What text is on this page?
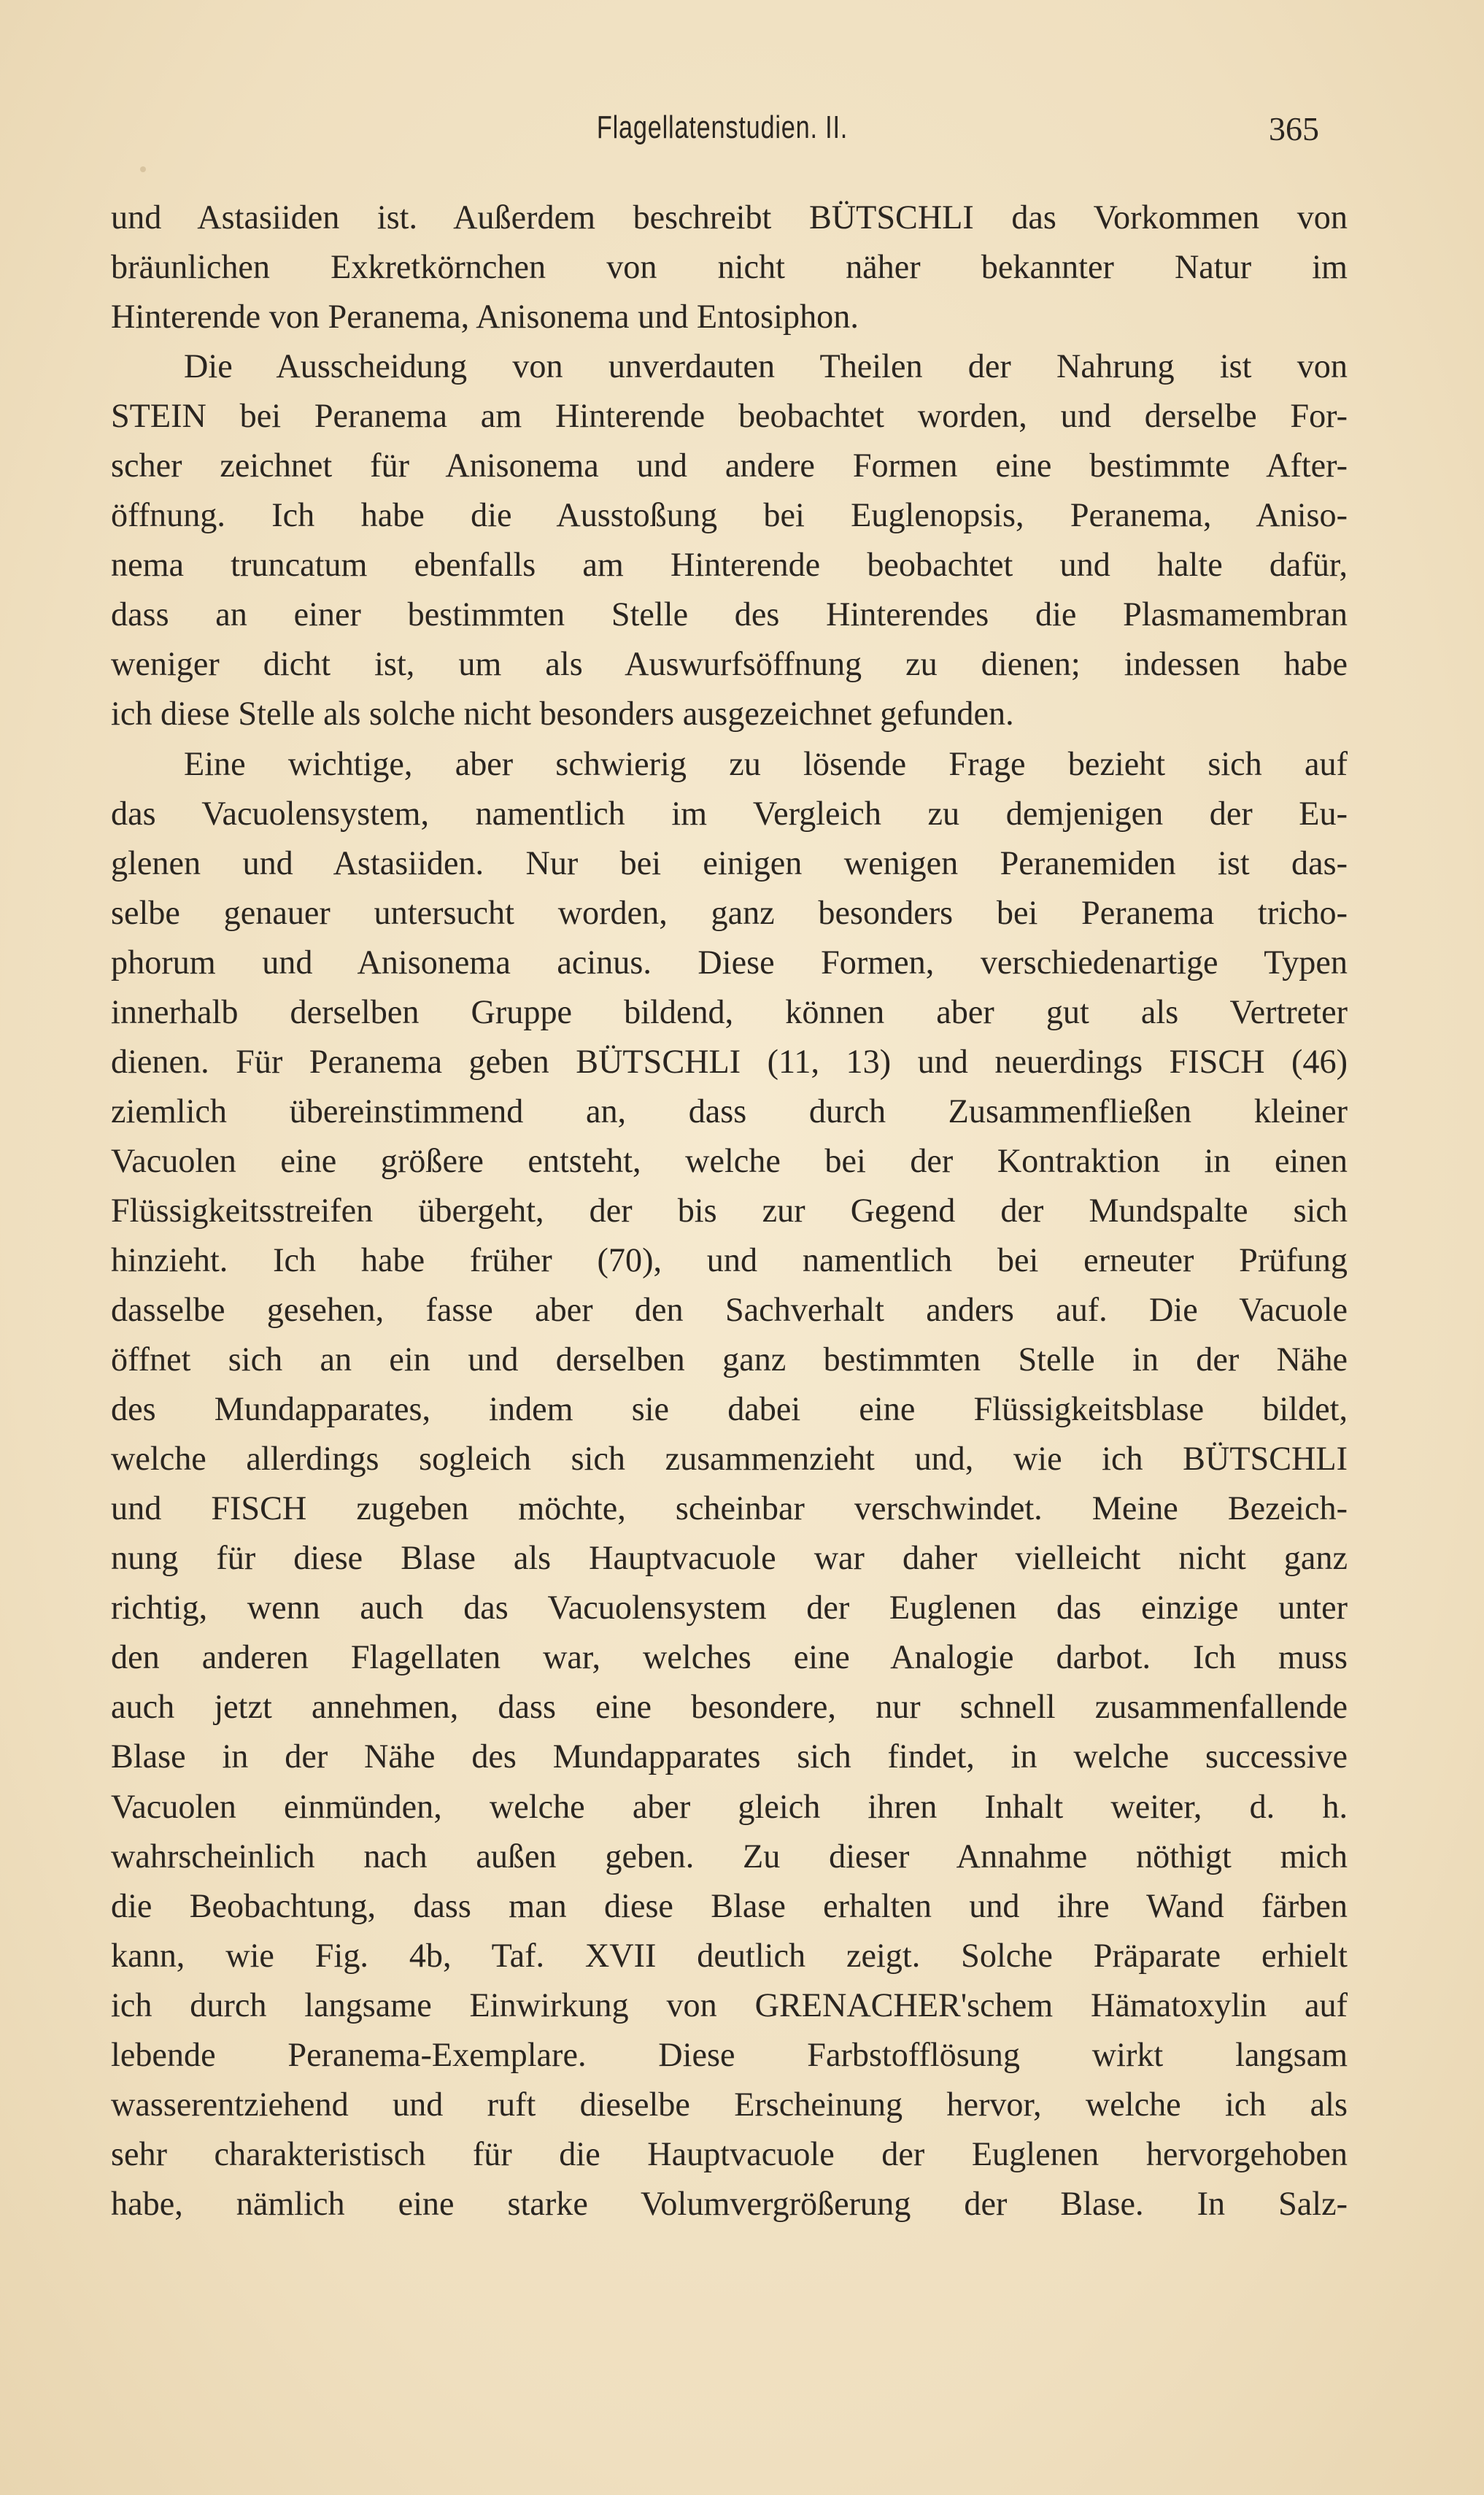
Flagellatenstudien. II.	365
und Astasiiden ist. Außerdem beschreibt BÜTSCHLI das Vorkommen von
bräunlichen Exkretkörnchen von nicht näher bekannter Natur im
Hinterende von Peranema, Anisonema und Entosiphon.
Die Ausscheidung von unverdauten Theilen der Nahrung ist von
STEIN bei Peranema am Hinterende beobachtet worden, und derselbe For-
scher zeichnet für Anisonema und andere Formen eine bestimmte After-
öffnung. Ich habe die Ausstoßung bei Euglenopsis, Peranema, Aniso-
nema truncatum ebenfalls am Hinterende beobachtet und halte dafür,
dass an einer bestimmten Stelle des Hinterendes die Plasmamembran
weniger dicht ist, um als Auswurfsöffnung zu dienen; indessen habe
ich diese Stelle als solche nicht besonders ausgezeichnet gefunden.
Eine wichtige, aber schwierig zu lösende Frage bezieht sich auf
das Vacuolensystem, namentlich im Vergleich zu demjenigen der Eu-
glenen und Astasiiden. Nur bei einigen wenigen Peranemiden ist das-
selbe genauer untersucht worden, ganz besonders bei Peranema tricho-
phorum und Anisonema acinus. Diese Formen, verschiedenartige Typen
innerhalb derselben Gruppe bildend, können aber gut als Vertreter
dienen. Für Peranema geben BÜTSCHLI (11, 13) und neuerdings FISCH (46)
ziemlich übereinstimmend an, dass durch Zusammenfließen kleiner
Vacuolen eine größere entsteht, welche bei der Kontraktion in einen
Flüssigkeitsstreifen übergeht, der bis zur Gegend der Mundspalte sich
hinzieht. Ich habe früher (70), und namentlich bei erneuter Prüfung
dasselbe gesehen, fasse aber den Sachverhalt anders auf. Die Vacuole
öffnet sich an ein und derselben ganz bestimmten Stelle in der Nähe
des Mundapparates, indem sie dabei eine Flüssigkeitsblase bildet,
welche allerdings sogleich sich zusammenzieht und, wie ich BÜTSCHLI
und FISCH zugeben möchte, scheinbar verschwindet. Meine Bezeich-
nung für diese Blase als Hauptvacuole war daher vielleicht nicht ganz
richtig, wenn auch das Vacuolensystem der Euglenen das einzige unter
den anderen Flagellaten war, welches eine Analogie darbot. Ich muss
auch jetzt annehmen, dass eine besondere, nur schnell zusammenfallende
Blase in der Nähe des Mundapparates sich findet, in welche successive
Vacuolen einmünden, welche aber gleich ihren Inhalt weiter, d. h.
wahrscheinlich nach außen geben. Zu dieser Annahme nöthigt mich
die Beobachtung, dass man diese Blase erhalten und ihre Wand färben
kann, wie Fig. 4b, Taf. XVII deutlich zeigt. Solche Präparate erhielt
ich durch langsame Einwirkung von GRENACHER'schem Hämatoxylin auf
lebende Peranema-Exemplare. Diese Farbstofflösung wirkt langsam
wasserentziehend und ruft dieselbe Erscheinung hervor, welche ich als
sehr charakteristisch für die Hauptvacuole der Euglenen hervorgehoben
habe, nämlich eine starke Volumvergrößerung der Blase. In Salz-
